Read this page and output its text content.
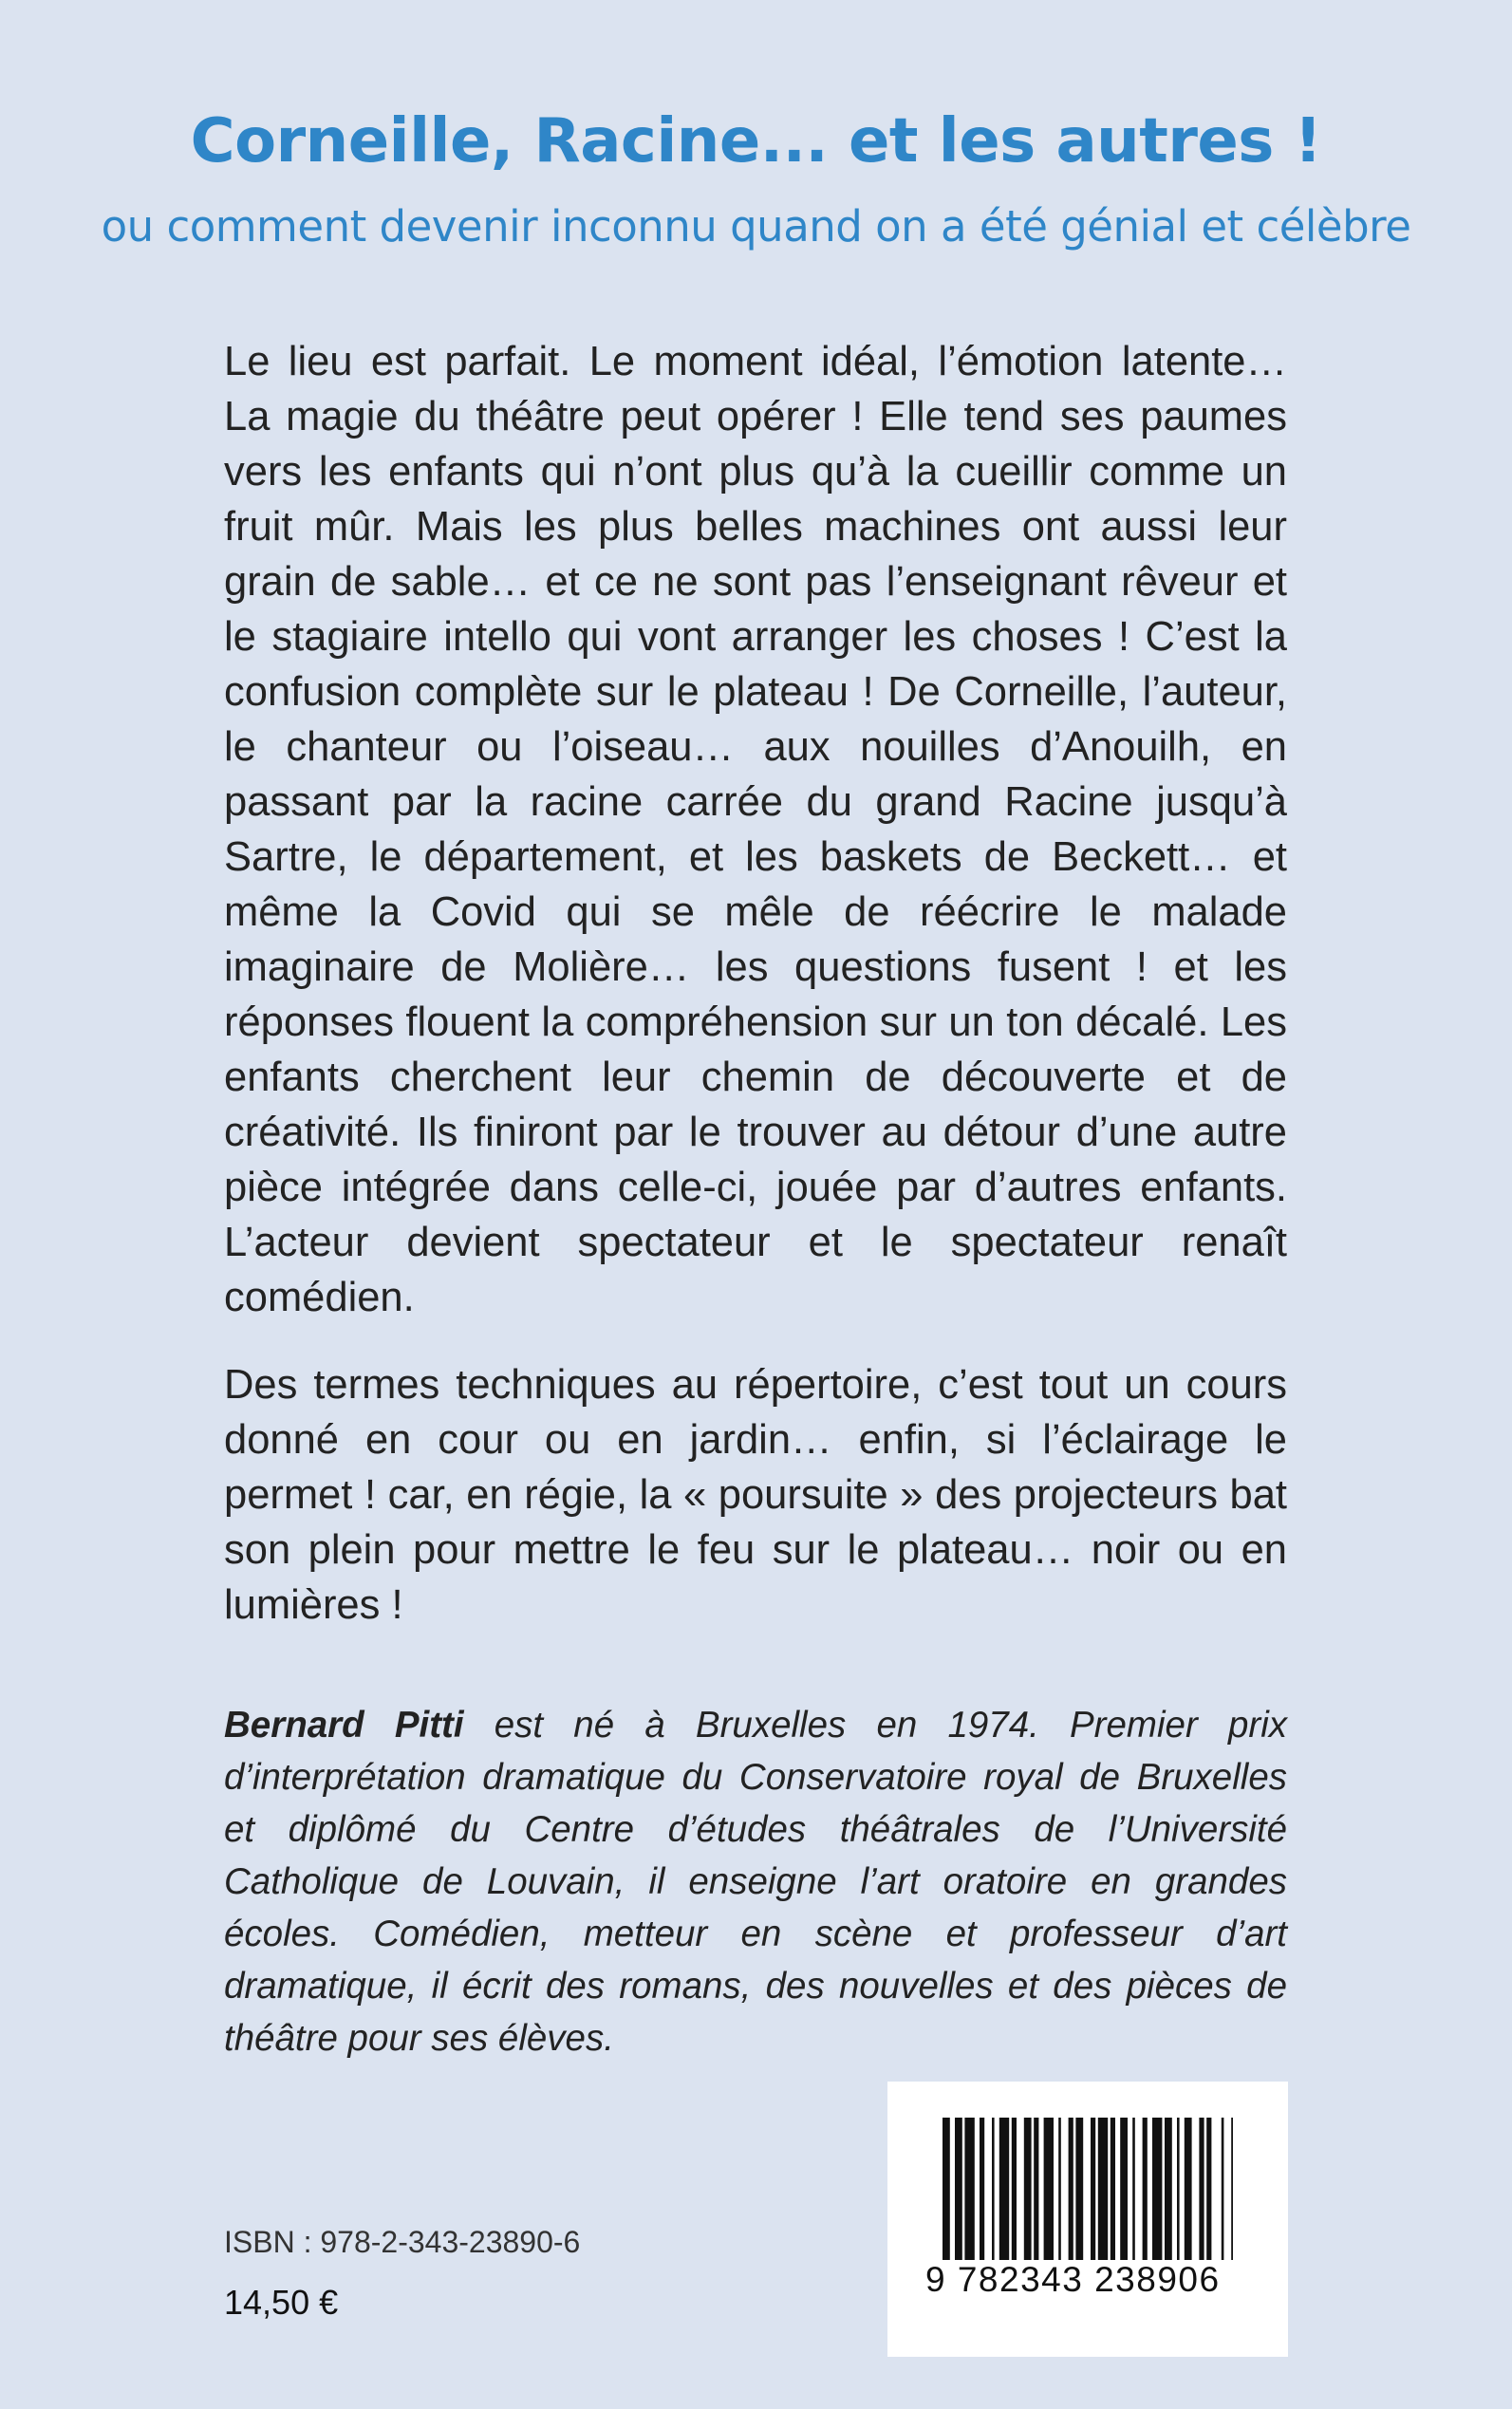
Corneille, Racine... et les autres !

ou comment devenir inconnu quand on a été génial et célèbre

Le lieu est parfait. Le moment idéal, l’émotion latente… La magie du théâtre peut opérer ! Elle tend ses paumes vers les enfants qui n’ont plus qu’à la cueillir comme un fruit mûr. Mais les plus belles machines ont aussi leur grain de sable… et ce ne sont pas l’enseignant rêveur et le stagiaire intello qui vont arranger les choses ! C’est la confusion complète sur le plateau ! De Corneille, l’auteur, le chanteur ou l’oiseau… aux nouilles d’Anouilh, en passant par la racine carrée du grand Racine jusqu’à Sartre, le département, et les baskets de Beckett… et même la Covid qui se mêle de réécrire le malade imaginaire de Molière… les questions fusent ! et les réponses flouent la compréhension sur un ton décalé. Les enfants cherchent leur chemin de découverte et de créativité. Ils finiront par le trouver au détour d’une autre pièce intégrée dans celle-ci, jouée par d’autres enfants. L’acteur devient spectateur et le spectateur renaît comédien.

Des termes techniques au répertoire, c’est tout un cours donné en cour ou en jardin… enfin, si l’éclairage le permet ! car, en régie, la « poursuite » des projecteurs bat son plein pour mettre le feu sur le plateau… noir ou en lumières !

Bernard Pitti est né à Bruxelles en 1974. Premier prix d’interprétation dramatique du Conservatoire royal de Bruxelles et diplômé du Centre d’études théâtrales de l’Université Catholique de Louvain, il enseigne l’art oratoire en grandes écoles. Comédien, metteur en scène et professeur d’art dramatique, il écrit des romans, des nouvelles et des pièces de théâtre pour ses élèves.

9 782343 238906

ISBN : 978-2-343-23890-6

14,50 €
